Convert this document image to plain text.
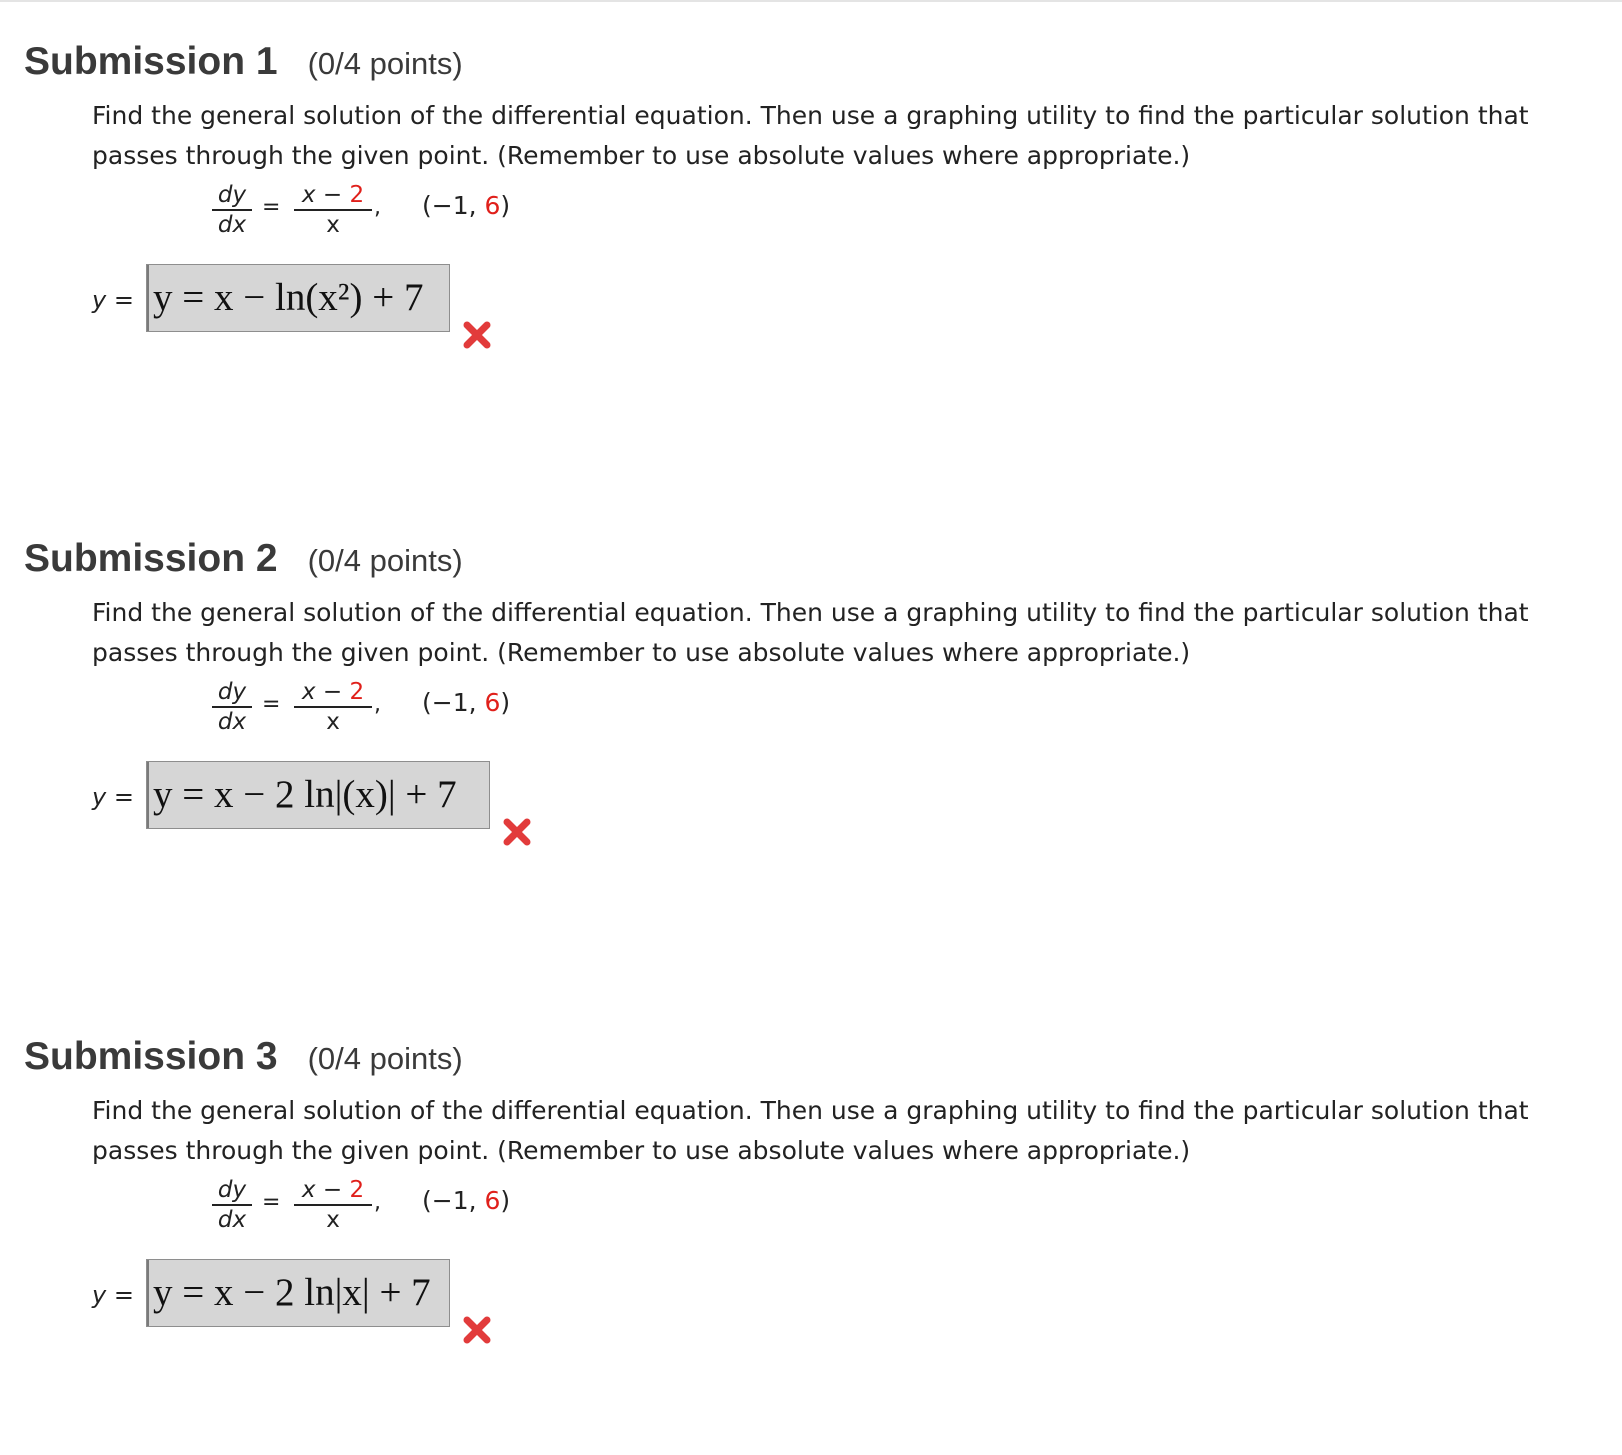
Submission 1 (0/4 points)

Find the general solution of the differential equation. Then use a graphing utility to find the particular solution that passes through the given point. (Remember to use absolute values where appropriate.)

dy
dx
= x − 2
x
, (−1, 6)
y = y = x − ln(x²) + 7
Submission 2 (0/4 points)

Find the general solution of the differential equation. Then use a graphing utility to find the particular solution that passes through the given point. (Remember to use absolute values where appropriate.)

dy
dx
= x − 2
x
, (−1, 6)
y = y = x − 2 ln|(x)| + 7
Submission 3 (0/4 points)

Find the general solution of the differential equation. Then use a graphing utility to find the particular solution that passes through the given point. (Remember to use absolute values where appropriate.)

dy
dx
= x − 2
x
, (−1, 6)
y = y = x − 2 ln|x| + 7
